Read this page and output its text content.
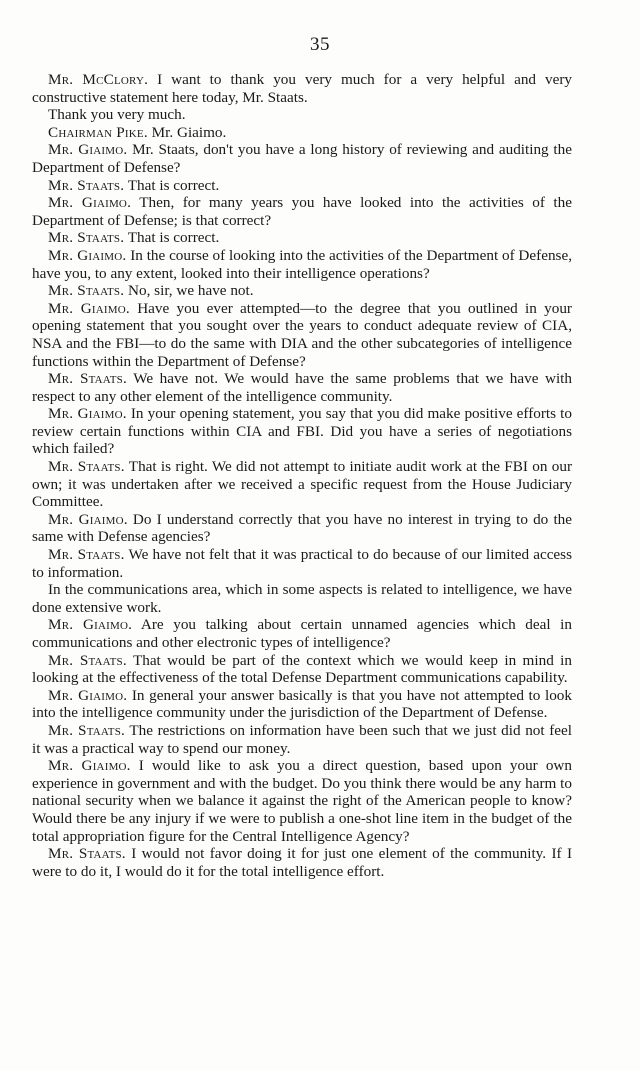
35

Mr. McClory. I want to thank you very much for a very helpful and very constructive statement here today, Mr. Staats.

Thank you very much.

Chairman Pike. Mr. Giaimo.

Mr. Giaimo. Mr. Staats, don't you have a long history of reviewing and auditing the Department of Defense?

Mr. Staats. That is correct.

Mr. Giaimo. Then, for many years you have looked into the activities of the Department of Defense; is that correct?

Mr. Staats. That is correct.

Mr. Giaimo. In the course of looking into the activities of the Department of Defense, have you, to any extent, looked into their intelligence operations?

Mr. Staats. No, sir, we have not.

Mr. Giaimo. Have you ever attempted—to the degree that you outlined in your opening statement that you sought over the years to conduct adequate review of CIA, NSA and the FBI—to do the same with DIA and the other subcategories of intelligence functions within the Department of Defense?

Mr. Staats. We have not. We would have the same problems that we have with respect to any other element of the intelligence community.

Mr. Giaimo. In your opening statement, you say that you did make positive efforts to review certain functions within CIA and FBI. Did you have a series of negotiations which failed?

Mr. Staats. That is right. We did not attempt to initiate audit work at the FBI on our own; it was undertaken after we received a specific request from the House Judiciary Committee.

Mr. Giaimo. Do I understand correctly that you have no interest in trying to do the same with Defense agencies?

Mr. Staats. We have not felt that it was practical to do because of our limited access to information.

In the communications area, which in some aspects is related to intelligence, we have done extensive work.

Mr. Giaimo. Are you talking about certain unnamed agencies which deal in communications and other electronic types of intelligence?

Mr. Staats. That would be part of the context which we would keep in mind in looking at the effectiveness of the total Defense Department communications capability.

Mr. Giaimo. In general your answer basically is that you have not attempted to look into the intelligence community under the jurisdiction of the Department of Defense.

Mr. Staats. The restrictions on information have been such that we just did not feel it was a practical way to spend our money.

Mr. Giaimo. I would like to ask you a direct question, based upon your own experience in government and with the budget. Do you think there would be any harm to national security when we balance it against the right of the American people to know? Would there be any injury if we were to publish a one-shot line item in the budget of the total appropriation figure for the Central Intelligence Agency?

Mr. Staats. I would not favor doing it for just one element of the community. If I were to do it, I would do it for the total intelligence effort.
